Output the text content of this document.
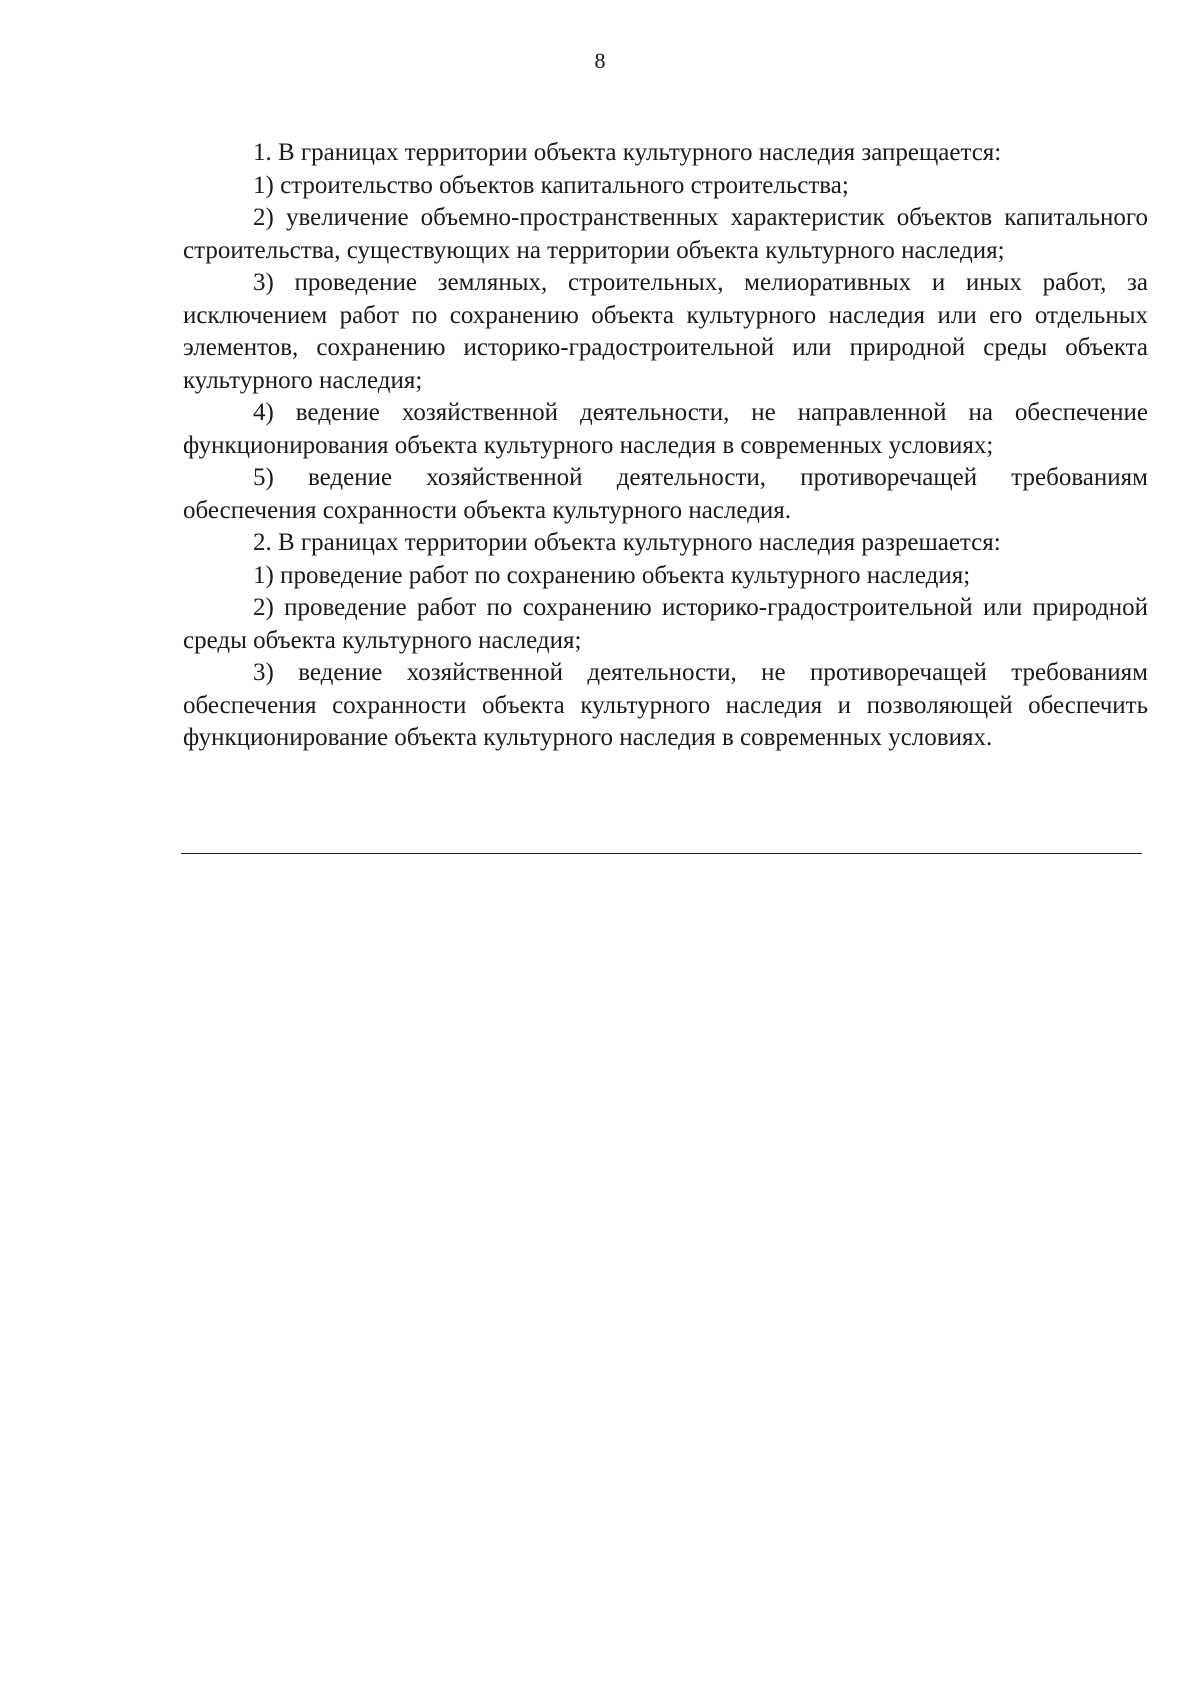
8

1. В границах территории объекта культурного наследия запрещается:

1) строительство объектов капитального строительства;

2) увеличение объемно-пространственных характеристик объектов капитального строительства, существующих на территории объекта культурного наследия;

3) проведение земляных, строительных, мелиоративных и иных работ, за исключением работ по сохранению объекта культурного наследия или его отдельных элементов, сохранению историко-градостроительной или природной среды объекта культурного наследия;

4) ведение хозяйственной деятельности, не направленной на обеспечение функционирования объекта культурного наследия в современных условиях;

5) ведение хозяйственной деятельности, противоречащей требованиям обеспечения сохранности объекта культурного наследия.

2. В границах территории объекта культурного наследия разрешается:

1) проведение работ по сохранению объекта культурного наследия;

2) проведение работ по сохранению историко-градостроительной или природной среды объекта культурного наследия;

3) ведение хозяйственной деятельности, не противоречащей требованиям обеспечения сохранности объекта культурного наследия и позволяющей обеспечить функционирование объекта культурного наследия в современных условиях.
